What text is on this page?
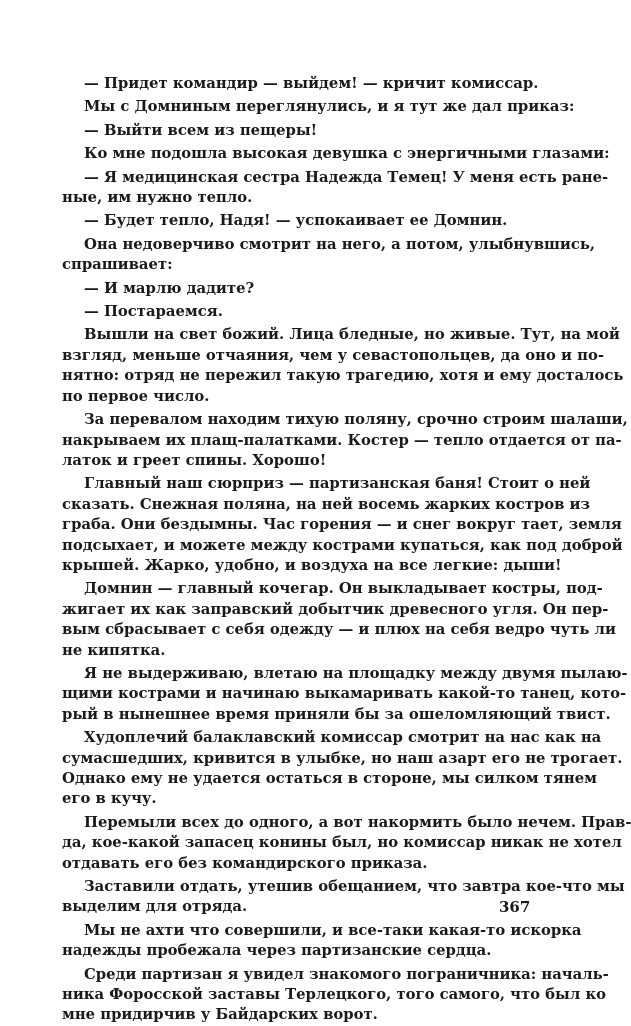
— Придет командир — выйдем! — кричит комиссар.
Мы с Домниным переглянулись, и я тут же дал приказ:
— Выйти всем из пещеры!
Ко мне подошла высокая девушка с энергичными глазами:
— Я медицинская сестра Надежда Темец! У меня есть ране-
ные, им нужно тепло.
— Будет тепло, Надя! — успокаивает ее Домнин.
Она недоверчиво смотрит на него, а потом, улыбнувшись,
спрашивает:
— И марлю дадите?
— Постараемся.
Вышли на свет божий. Лица бледные, но живые. Тут, на мой
взгляд, меньше отчаяния, чем у севастопольцев, да оно и по-
нятно: отряд не пережил такую трагедию, хотя и ему досталось
по первое число.
За перевалом находим тихую поляну, срочно строим шалаши,
накрываем их плащ-палатками. Костер — тепло отдается от па-
латок и греет спины. Хорошо!
Главный наш сюрприз — партизанская баня! Стоит о ней
сказать. Снежная поляна, на ней восемь жарких костров из
граба. Они бездымны. Час горения — и снег вокруг тает, земля
подсыхает, и можете между кострами купаться, как под доброй
крышей. Жарко, удобно, и воздуха на все легкие: дыши!
Домнин — главный кочегар. Он выкладывает костры, под-
жигает их как заправский добытчик древесного угля. Он пер-
вым сбрасывает с себя одежду — и плюх на себя ведро чуть ли
не кипятка.
Я не выдерживаю, влетаю на площадку между двумя пылаю-
щими кострами и начинаю выкамаривать какой-то танец, кото-
рый в нынешнее время приняли бы за ошеломляющий твист.
Худоплечий балаклавский комиссар смотрит на нас как на
сумасшедших, кривится в улыбке, но наш азарт его не трогает.
Однако ему не удается остаться в стороне, мы силком тянем
его в кучу.
Перемыли всех до одного, а вот накормить было нечем. Прав-
да, кое-какой запасец конины был, но комиссар никак не хотел
отдавать его без командирского приказа.
Заставили отдать, утешив обещанием, что завтра кое-что мы
выделим для отряда.
Мы не ахти что совершили, и все-таки какая-то искорка
надежды пробежала через партизанские сердца.
Среди партизан я увидел знакомого пограничника: началь-
ника Форосской заставы Терлецкого, того самого, что был ко
мне придирчив у Байдарских ворот.
367
